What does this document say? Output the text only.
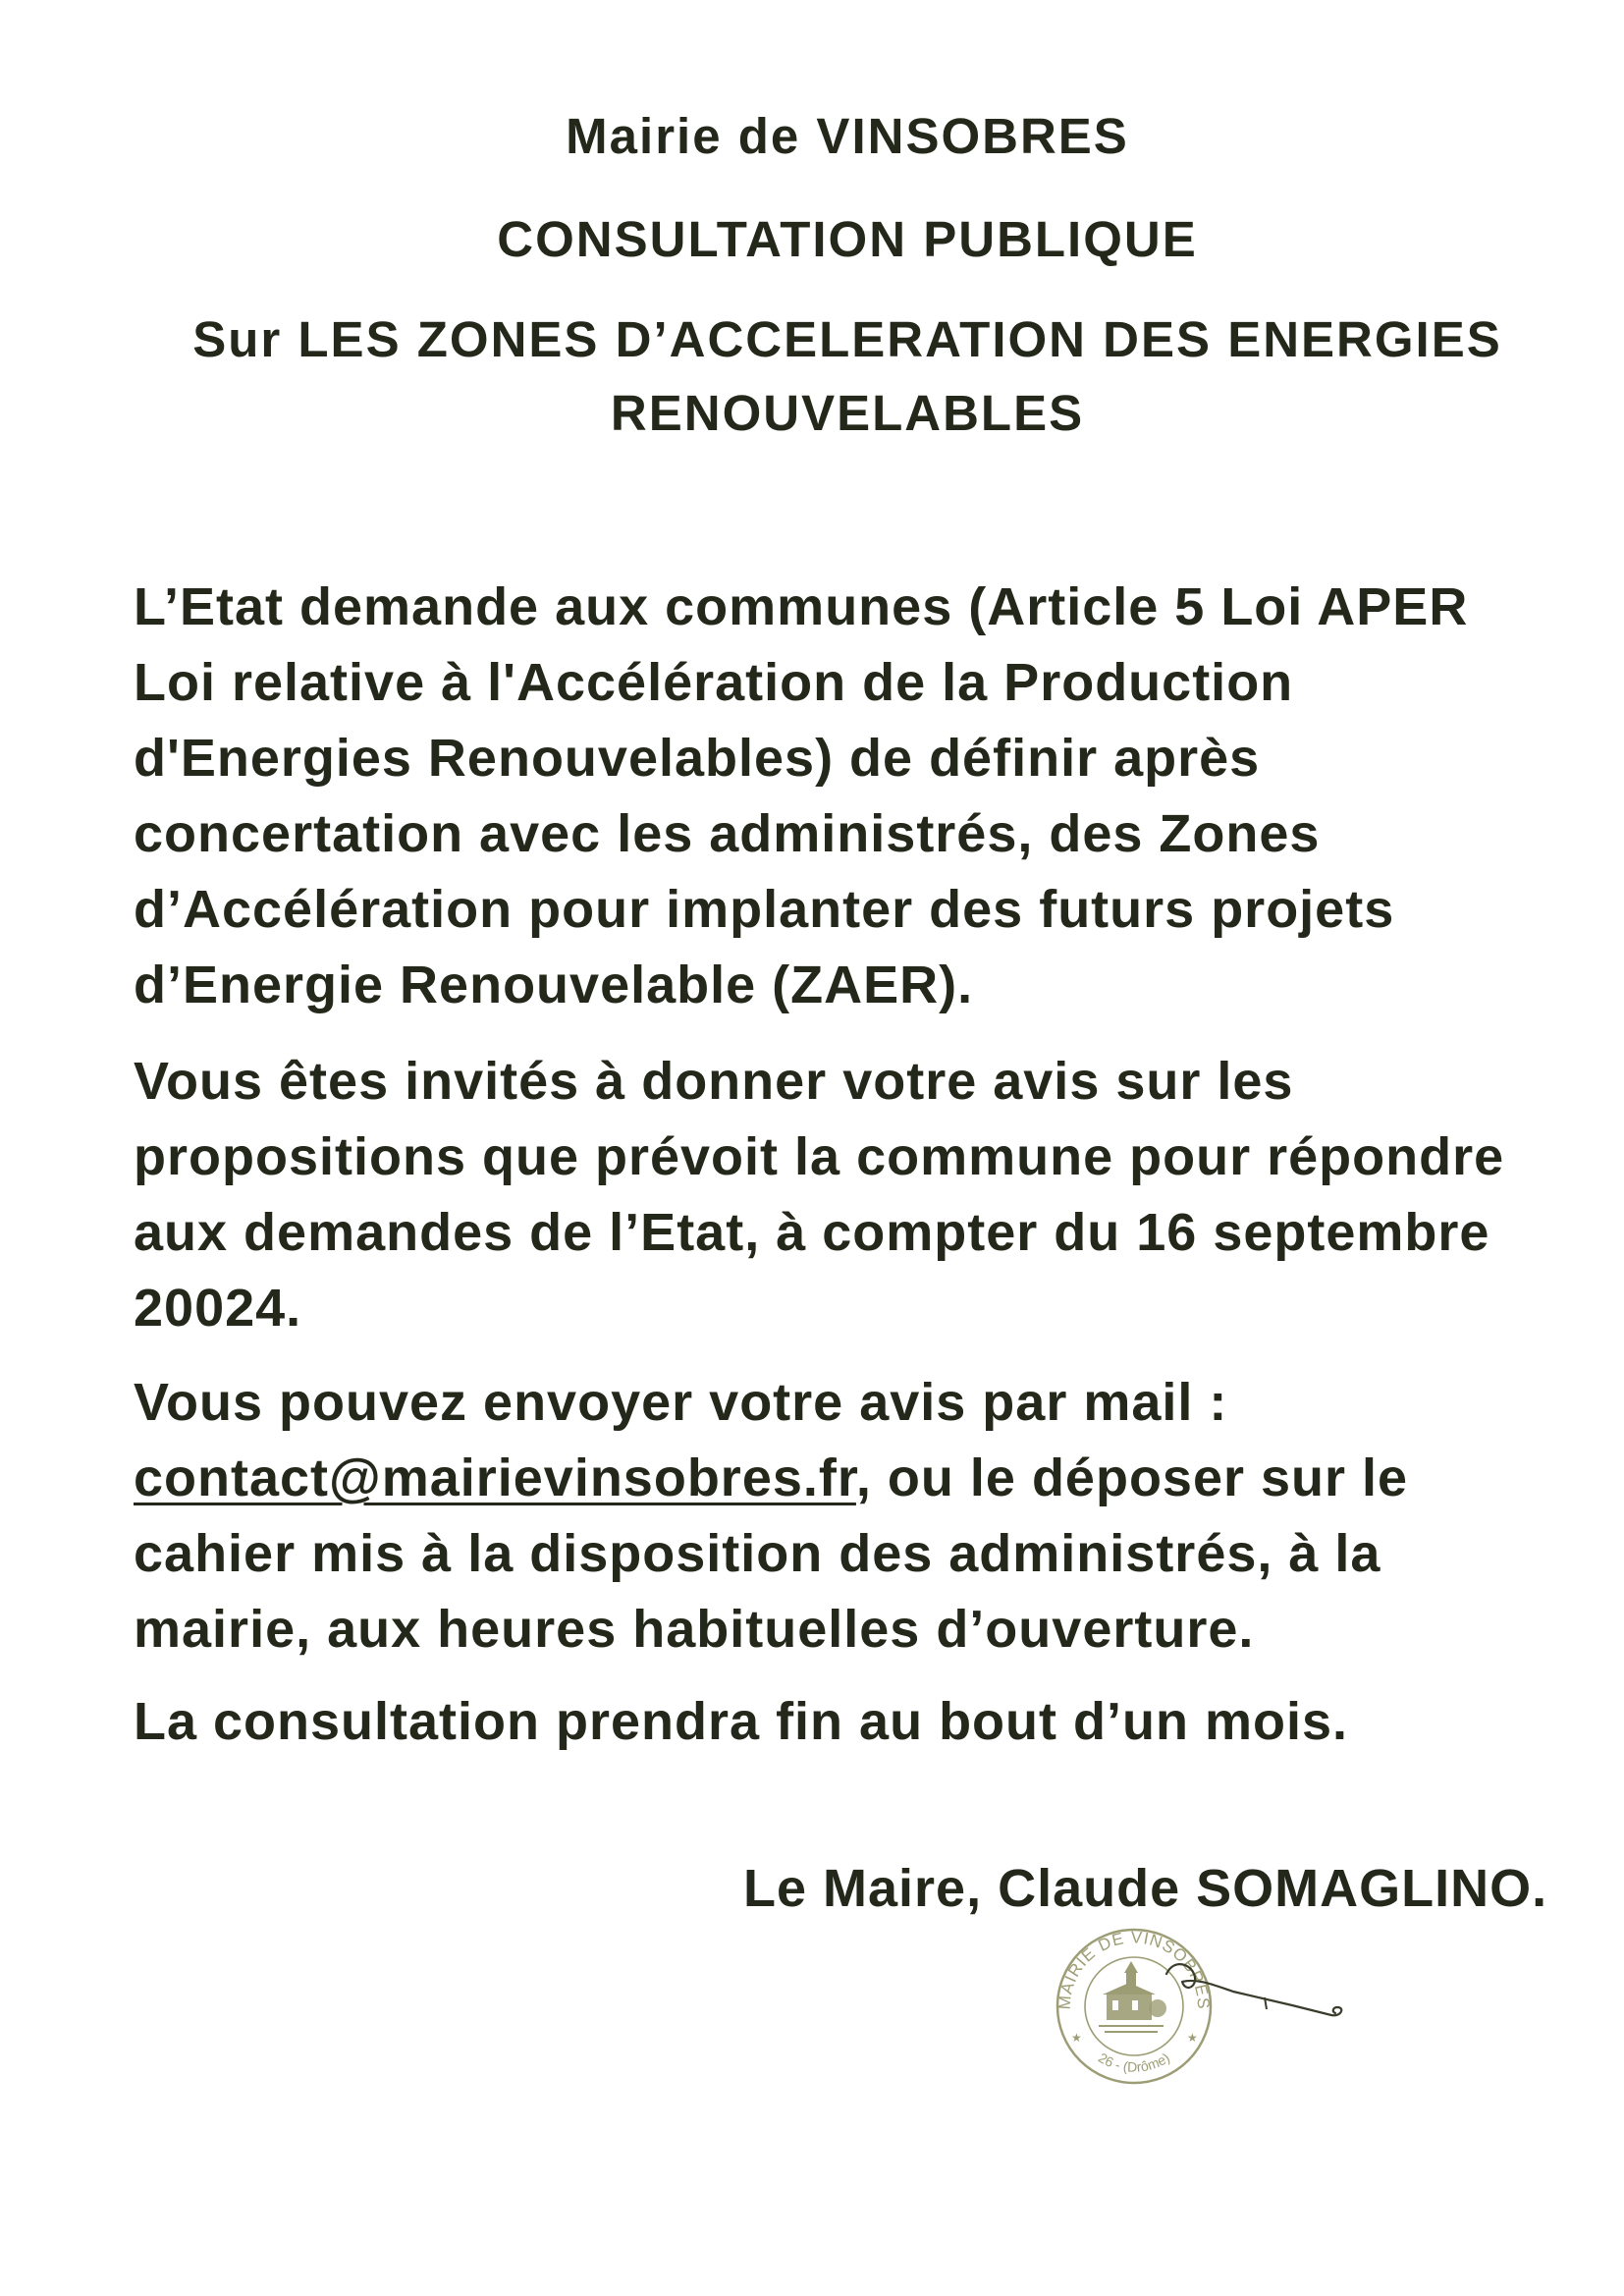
Mairie de VINSOBRES
CONSULTATION PUBLIQUE
Sur LES ZONES D’ACCELERATION DES ENERGIES
RENOUVELABLES
L’Etat demande aux communes (Article 5 Loi APER
Loi relative à l'Accélération de la Production
d'Energies Renouvelables) de définir après
concertation avec les administrés, des Zones
d’Accélération pour implanter des futurs projets
d’Energie Renouvelable (ZAER).
Vous êtes invités à donner votre avis sur les
propositions que prévoit la commune pour répondre
aux demandes de l’Etat, à compter du 16 septembre
20024.
Vous pouvez envoyer votre avis par mail :
contact@mairievinsobres.fr, ou le déposer sur le
cahier mis à la disposition des administrés, à la
mairie, aux heures habituelles d’ouverture.
La consultation prendra fin au bout d’un mois.
Le Maire, Claude SOMAGLINO.
MAIRIE DE VINSOBRES
26 - (Drôme)
★	★
